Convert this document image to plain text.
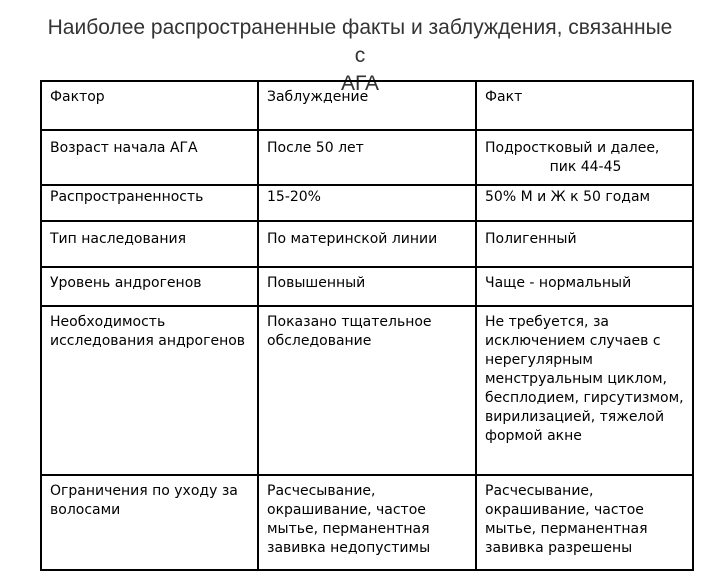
Наиболее распространенные факты и заблуждения, связанные с
АГА
Фактор	Заблуждение	Факт
Возраст начала АГА	После 50 лет	Подростковый и далее,
пик 44-45

Распространенность	15-20%	50% М и Ж к 50 годам
Тип наследования	По материнской линии	Полигенный
Уровень андрогенов	Повышенный	Чаще - нормальный
Необходимость исследования андрогенов	Показано тщательное обследование	Не требуется, за исключением случаев с нерегулярным менструальным циклом, бесплодием, гирсутизмом, вирилизацией, тяжелой формой акне
Ограничения по уходу за волосами	Расчесывание, окрашивание, частое мытье, перманентная завивка недопустимы	Расчесывание, окрашивание, частое мытье, перманентная завивка разрешены
